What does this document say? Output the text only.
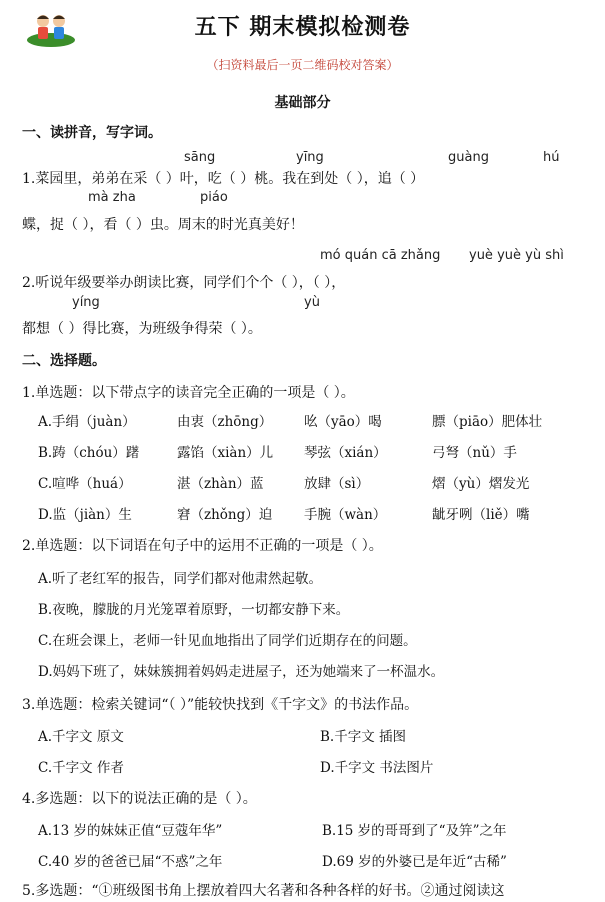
五下 期末模拟检测卷
（扫资料最后一页二维码校对答案）
基础部分
一、读拼音，写字词。
sāng	yīng	guàng	hú
1.菜园里，弟弟在采（ ）叶，吃（ ）桃。我在到处（ ），追（ ）
mà zha	piáo
蝶，捉（ ），看（ ）虫。周末的时光真美好！
mó quán cā zhǎng yuè yuè yù shì
2.听说年级要举办朗读比赛，同学们个个（ ），（ ），
yíng	yù
都想（ ）得比赛，为班级争得荣（ ）。
二、选择题。
1.单选题：以下带点字的读音完全正确的一项是（ ）。
A.手绢（juàn）	由衷（zhōng） 吆（yāo）喝	膘（piāo）肥体壮
B.踌（chóu）躇	露馅（xiàn）儿 琴弦（xián）	弓弩（nǔ）手
C.喧哗（huá）	湛（zhàn）蓝	放肆（sì）	熠（yù）熠发光
D.监（jiàn）生	窘（zhǒng）迫 手腕（wàn）	龇牙咧（liě）嘴
2.单选题：以下词语在句子中的运用不正确的一项是（ ）。
A.听了老红军的报告，同学们都对他肃然起敬。
B.夜晚，朦胧的月光笼罩着原野，一切都安静下来。
C.在班会课上，老师一针见血地指出了同学们近期存在的问题。
D.妈妈下班了，妹妹簇拥着妈妈走进屋子，还为她端来了一杯温水。
3.单选题：检索关键词“（ ）”能较快找到《千字文》的书法作品。
A.千字文 原文	B.千字文 插图
C.千字文 作者	D.千字文 书法图片
4.多选题：以下的说法正确的是（ ）。
A.13 岁的妹妹正值“豆蔻年华”	B.15 岁的哥哥到了“及笄”之年
C.40 岁的爸爸已届“不惑”之年	D.69 岁的外婆已是年近“古稀”
5.多选题：“①班级图书角上摆放着四大名著和各种各样的好书。②通过阅读这
